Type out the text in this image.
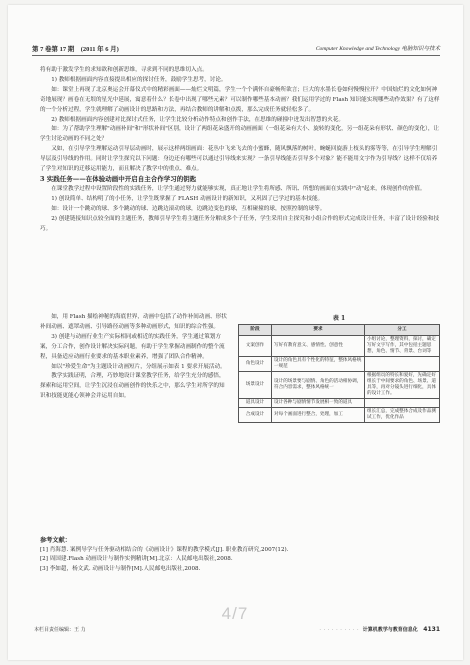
第 7 卷第 17 期　(2011 年 6 月)	Computer Knowledge and Technology 电脑知识与技术

将有助于激发学生的求知欲和创新思维，寻求到不同的思维切入点。

1) 教师根据画面内容直接提出相应的探讨任务，鼓励学生思考，讨论。

如：课堂上再现了北京奥运会开幕仪式中的精彩画面——灿烂文明篇，学生一个个满怀自豪畅所欲言；巨大的水墨长卷如何慢慢拉开？中国灿烂的文化如何神奇地展现？画卷在无垠的星光中延展，寓意着什么？长卷中出现了哪些元素？可以制作哪些基本动画？我们运用学过的 Flash 知识能实现哪些动作效果？有了这样的一个分析过程，学生就理解了动画设计的思路和方法，再结合教师的讲解和点拨，那么完成任务就轻松多了。

2) 教师根据画面内容创建对比探讨式任务，让学生比较分析动作特点和创作手法，在思维的碰撞中迸发出智慧的火花。

如：为了帮助学生理解"动画补间"和"形状补间"区别，设计了两组花朵盛开的动画画面（一组花朵有大小、旋转的变化，另一组花朵有形状、颜色的变化），让学生讨论动画的不同之处？

又如，在引导学生理解运动引导层动画时，展示这样两组画面：花丛中飞来飞去的小蜜蜂，随风飘落的树叶，蜿蜒回旋游上枝头的雾等等，在引导学生理解引导层及引导线的作用。同时让学生探究以下问题：身边还有哪些可以通过引导线来实现？一条引导线能否引导多个对象？能不能用文字作为引导线？这样不仅培养了学生对知识的迁移运用能力，而且解决了教学中的重点、难点。

3 实践任务——在体验动画中开启自主合作学习的钥匙

在课堂教学过程中设置阶段性的实践任务，让学生通过努力就能够实现，真正地让学生将所感、所讯、所想的画面在实践中"动"起来，体现创作的价值。

1) 创设简单、结构明了的小任务，让学生既掌握了 FLASH 动画设计的新知识，又巩固了已学过的基本技能。

如：设计一个跳动的球、多个跳动的球、边跳边滚动的球，边跳边变色的球，互相碰撞的球，按照控制的球等。

2) 创建链接知识点较全面的主题任务，教师引导学生将主题任务分解成多个子任务，学生采用自主探究和小组合作的形式完成设计任务，丰富了设计经验和技巧。

如，用 Flash 描绘神秘的海底世界，动画中包括了动作补间动画、形状补间动画、遮罩动画、引导路径动画等多种动画形式，知识的综合性强。

3) 创建与动画行业生产实际相同或相近的实践任务，学生通过策划方案，分工合作，创作设计解决实际问题，有助于学生掌握动画制作的整个流程，具备适应动画行业要求的基本职业素养，增强了团队合作精神。

如以"珍爱生命"为主题设计动画短片，分组展示如表 1 要求开展活动。

教学实践证明，合理，巧妙地设计课堂教学任务，给学生充分的感悟，探索和运用空间，让学生沉浸在动画创作的快乐之中，那么学生对所学的知识和技能更能心领神会并运用自如。

表 1
阶段	要求	分工
文案创作	写好有教育意义、感情性、创意性	小组讨论，整理资料，探讨，确定写好文字写作，其中包括主题思想，角色、情节、背景、台词等
角色设计	设计的角色具有个性化的特征，整体风格统一规范	
场景设计	设计的场景要与剧情、角色的活动相协调，符合内容需求，整体风格统一	根据组员的特长和爱好，先确定好组长于中间要求的角色、场景、道具等，再对分镜头进行细化，具体的设计工作。
道具设计	设计各种与剧情情节发展相一致的道具	
合成设计	对每个画面进行整合，处理，加工	组长汇总，完成整体合成及作品测试工作，优化作品
参考文献：
[1] 肖海慧. 案例导学与任务驱动相结合的《动画设计》课程的教学模式[J]. 职业教育研究,2007(12).
[2] 周国建.Flash 动画设计与制作实例精讲[M].北京：人民邮电出版社,2008.
[3] 李如超，杨文武. 动画设计与制作[M].人民邮电出版社,2008.
4/7
本栏目责任编辑：王 力	· · · · · · · · · · 计算机教学与教育信息化 4131
